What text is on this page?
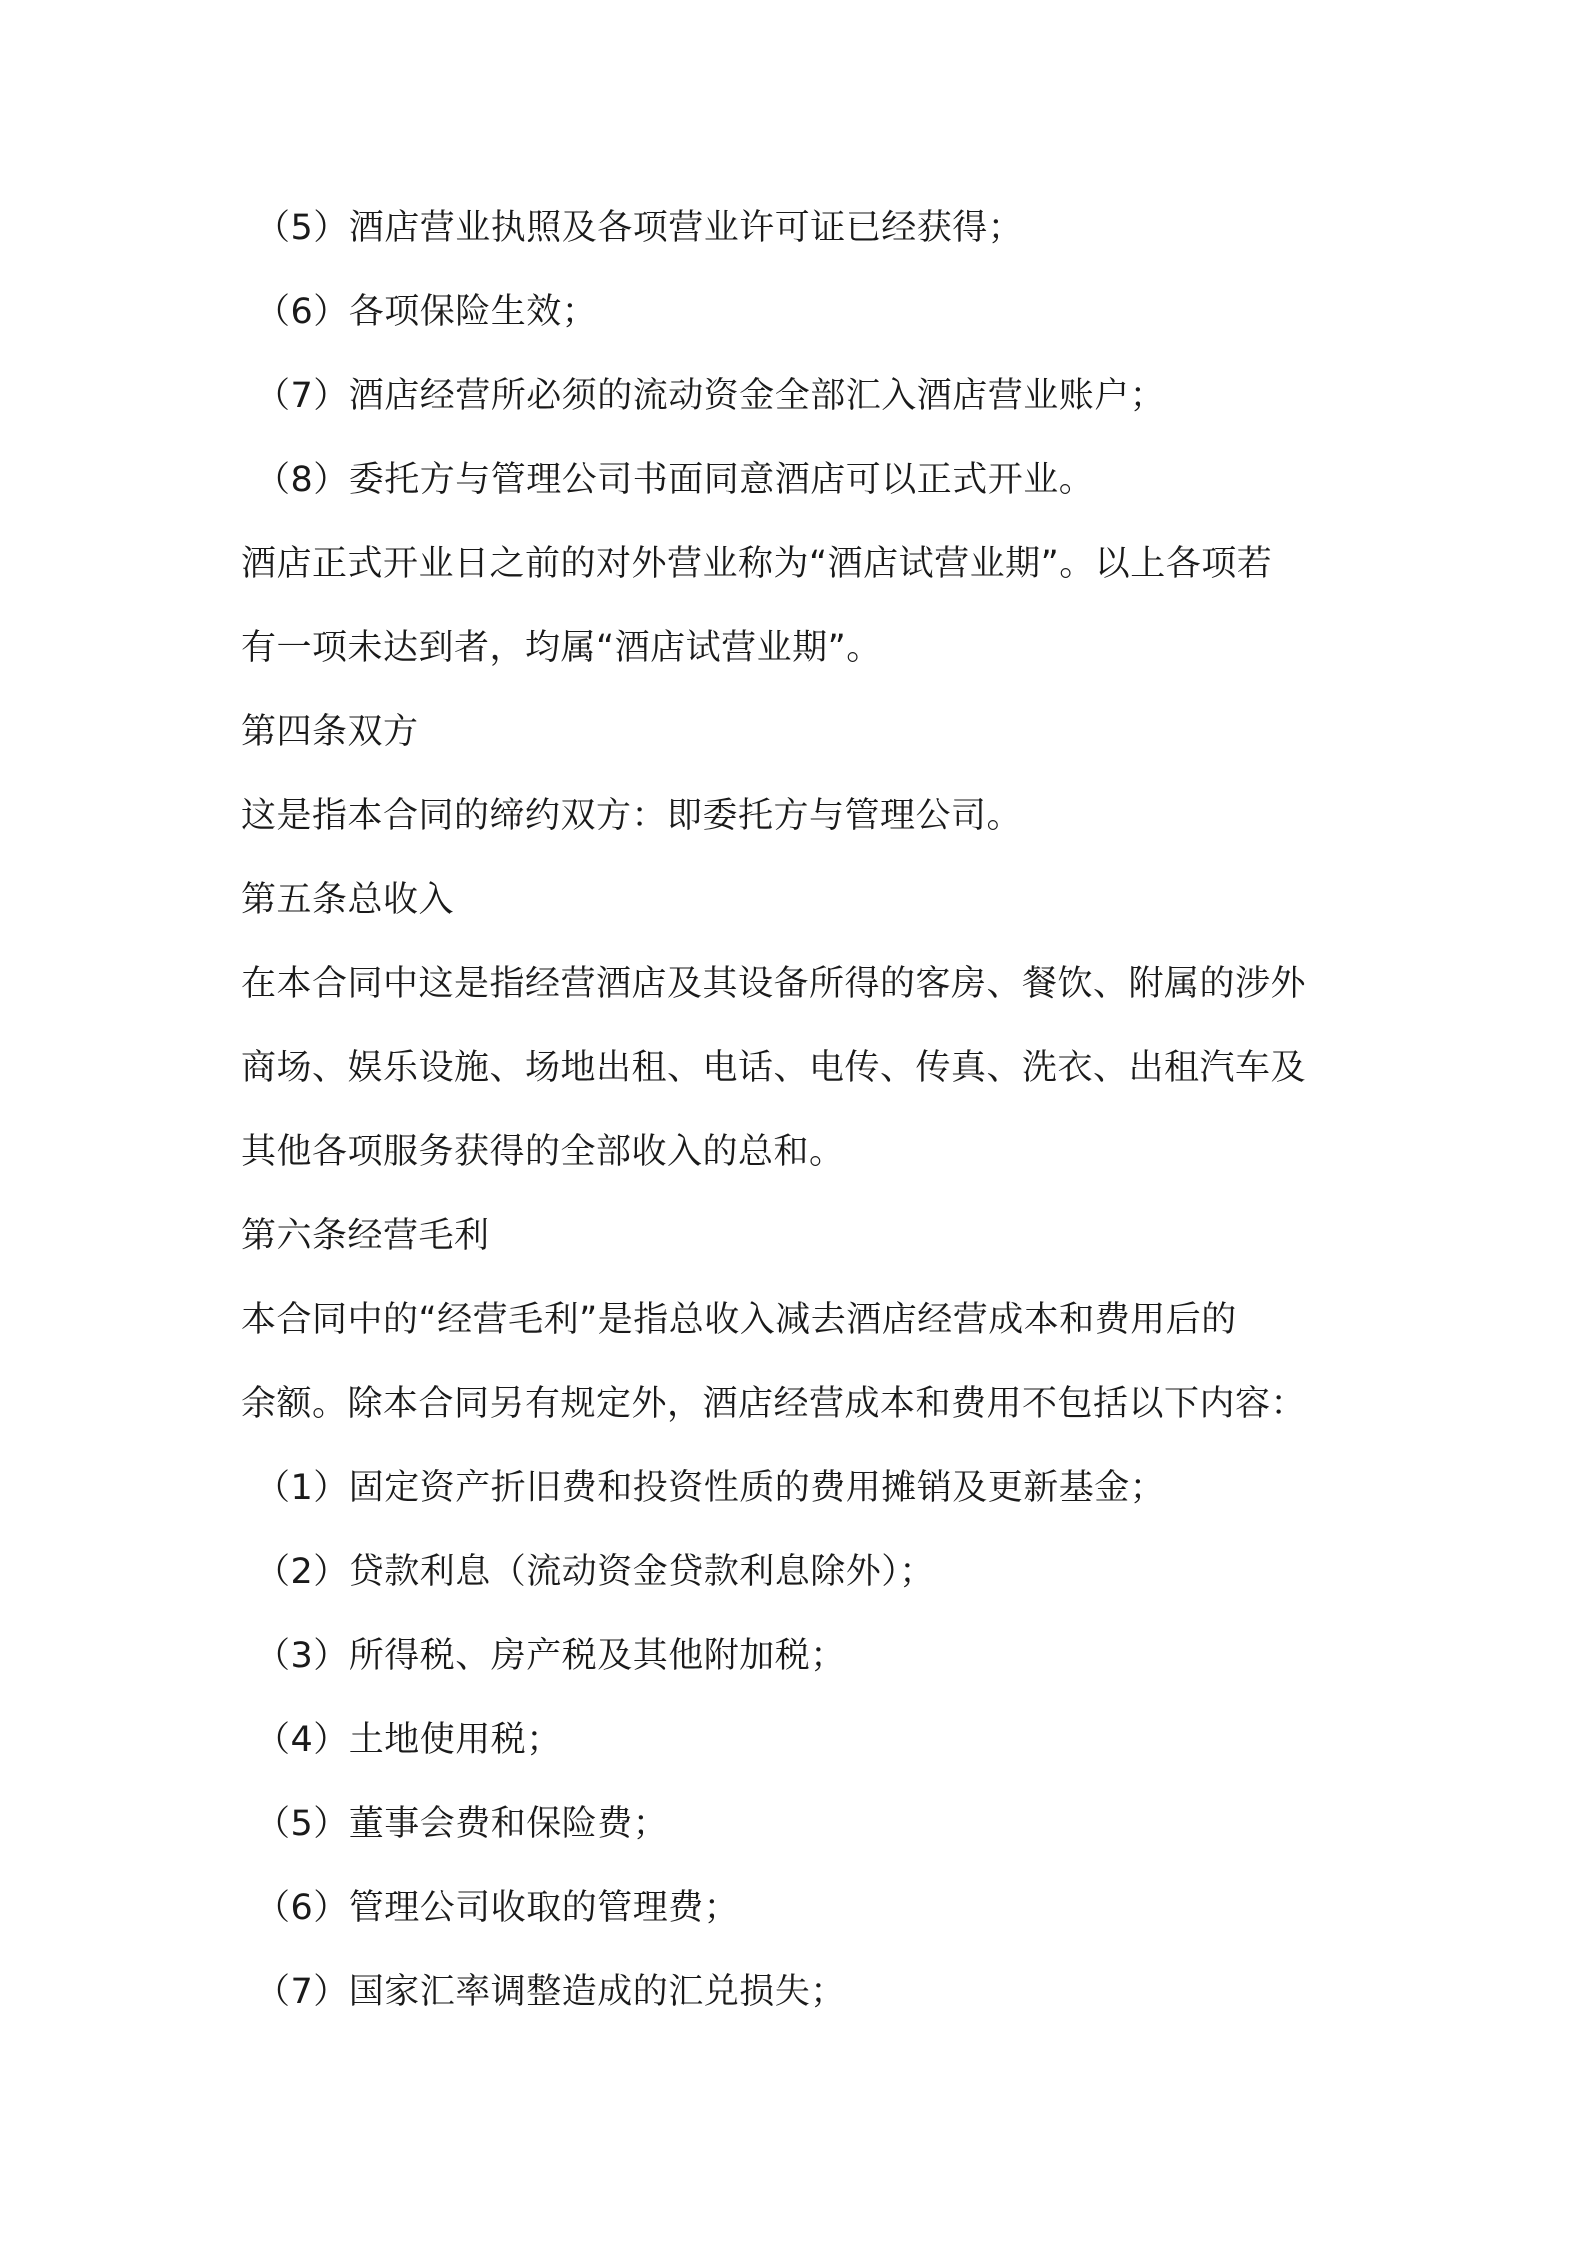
（5）酒店营业执照及各项营业许可证已经获得；
（6）各项保险生效；
（7）酒店经营所必须的流动资金全部汇入酒店营业账户；
（8）委托方与管理公司书面同意酒店可以正式开业。
酒店正式开业日之前的对外营业称为“酒店试营业期”。以上各项若
有一项未达到者，均属“酒店试营业期”。
第四条双方
这是指本合同的缔约双方：即委托方与管理公司。
第五条总收入
在本合同中这是指经营酒店及其设备所得的客房、餐饮、附属的涉外
商场、娱乐设施、场地出租、电话、电传、传真、洗衣、出租汽车及
其他各项服务获得的全部收入的总和。
第六条经营毛利
本合同中的“经营毛利”是指总收入减去酒店经营成本和费用后的
余额。除本合同另有规定外，酒店经营成本和费用不包括以下内容：
（1）固定资产折旧费和投资性质的费用摊销及更新基金；
（2）贷款利息（流动资金贷款利息除外）；
（3）所得税、房产税及其他附加税；
（4）土地使用税；
（5）董事会费和保险费；
（6）管理公司收取的管理费；
（7）国家汇率调整造成的汇兑损失；
